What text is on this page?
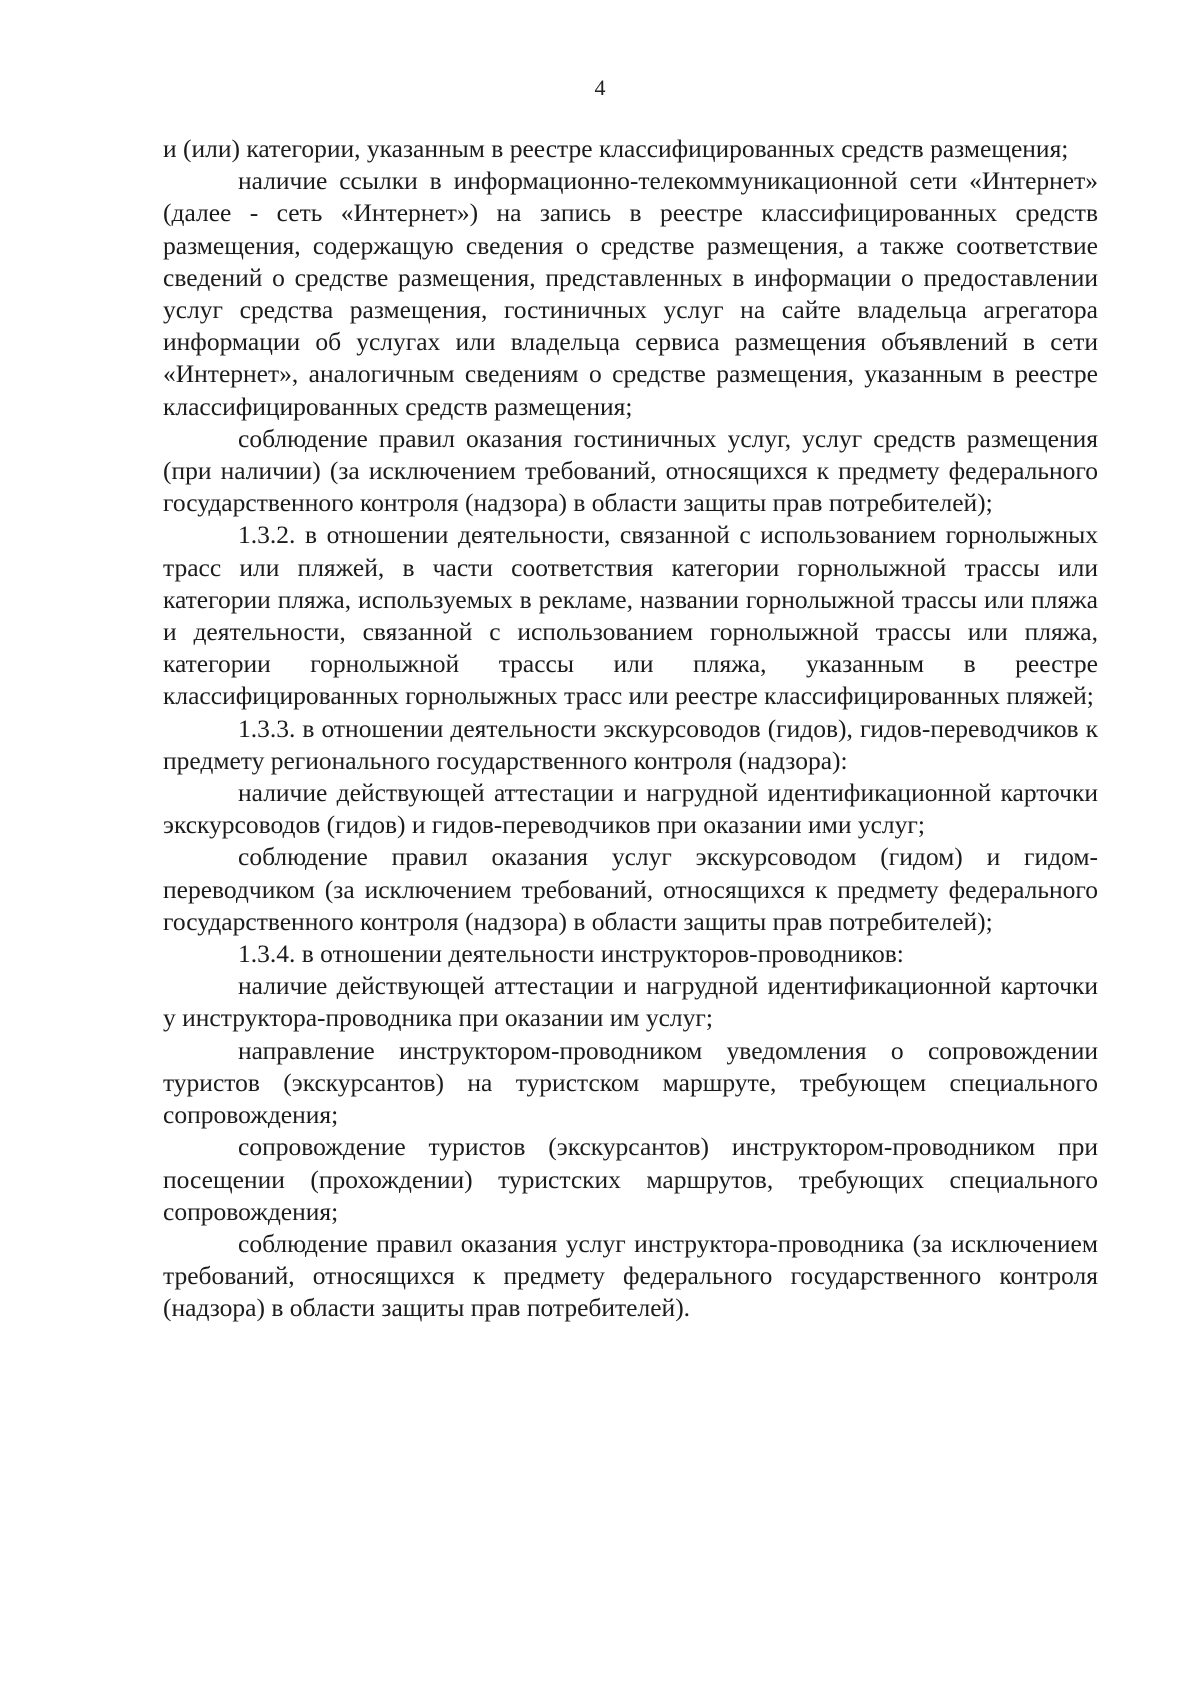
4

и (или) категории, указанным в реестре классифицированных средств размещения;

наличие ссылки в информационно-телекоммуникационной сети «Интернет» (далее - сеть «Интернет») на запись в реестре классифицированных средств размещения, содержащую сведения о средстве размещения, а также соответствие сведений о средстве размещения, представленных в информации о предоставлении услуг средства размещения, гостиничных услуг на сайте владельца агрегатора информации об услугах или владельца сервиса размещения объявлений в сети «Интернет», аналогичным сведениям о средстве размещения, указанным в реестре классифицированных средств размещения;

соблюдение правил оказания гостиничных услуг, услуг средств размещения (при наличии) (за исключением требований, относящихся к предмету федерального государственного контроля (надзора) в области защиты прав потребителей);

1.3.2. в отношении деятельности, связанной с использованием горнолыжных трасс или пляжей, в части соответствия категории горнолыжной трассы или категории пляжа, используемых в рекламе, названии горнолыжной трассы или пляжа и деятельности, связанной с использованием горнолыжной трассы или пляжа, категории горнолыжной трассы или пляжа, указанным в реестре классифицированных горнолыжных трасс или реестре классифицированных пляжей;

1.3.3. в отношении деятельности экскурсоводов (гидов), гидов-переводчиков к предмету регионального государственного контроля (надзора):

наличие действующей аттестации и нагрудной идентификационной карточки экскурсоводов (гидов) и гидов-переводчиков при оказании ими услуг;

соблюдение правил оказания услуг экскурсоводом (гидом) и гидом-переводчиком (за исключением требований, относящихся к предмету федерального государственного контроля (надзора) в области защиты прав потребителей);

1.3.4. в отношении деятельности инструкторов-проводников:

наличие действующей аттестации и нагрудной идентификационной карточки у инструктора-проводника при оказании им услуг;

направление инструктором-проводником уведомления о сопровождении туристов (экскурсантов) на туристском маршруте, требующем специального сопровождения;

сопровождение туристов (экскурсантов) инструктором-проводником при посещении (прохождении) туристских маршрутов, требующих специального сопровождения;

соблюдение правил оказания услуг инструктора-проводника (за исключением требований, относящихся к предмету федерального государственного контроля (надзора) в области защиты прав потребителей).
